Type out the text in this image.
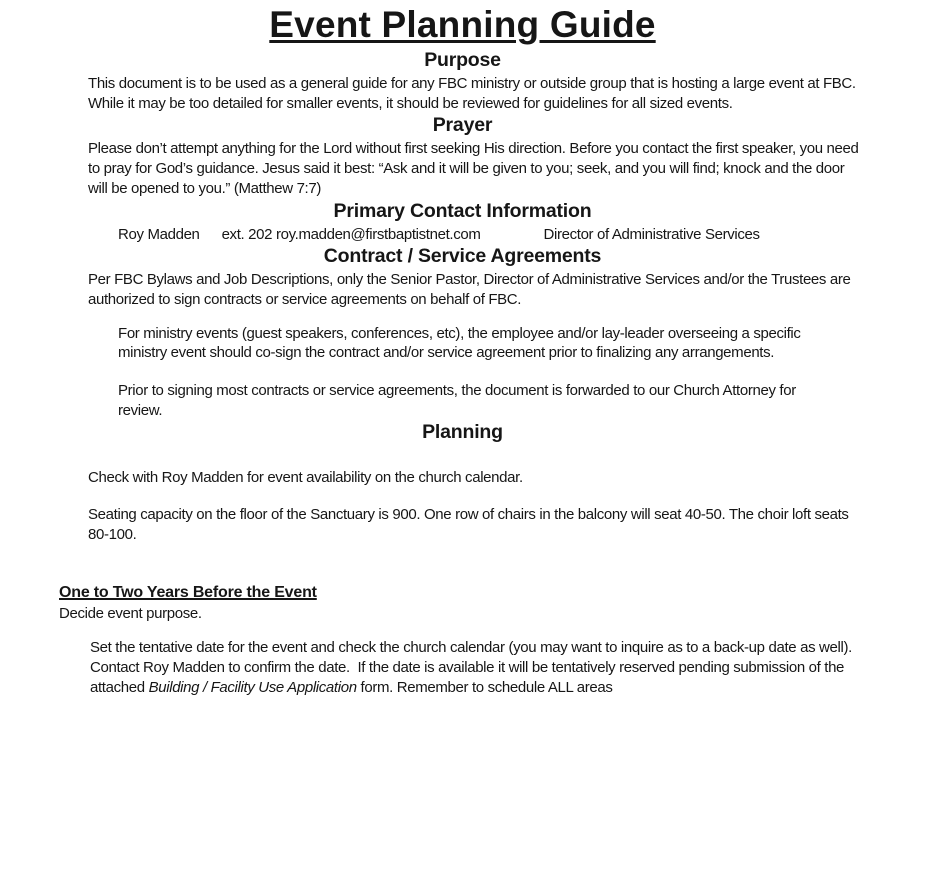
Event Planning Guide
Purpose

This document is to be used as a general guide for any FBC ministry or outside group that is hosting a large event at FBC. While it may be too detailed for smaller events, it should be reviewed for guidelines for all sized events.

Prayer

Please don’t attempt anything for the Lord without first seeking His direction. Before you contact the first speaker, you need to pray for God’s guidance. Jesus said it best: “Ask and it will be given to you; seek, and you will find; knock and the door will be opened to you.” (Matthew 7:7)

Primary Contact Information
Roy Madden ext. 202 roy.madden@firstbaptistnet.com	Director of Administrative Services
Contract / Service Agreements

Per FBC Bylaws and Job Descriptions, only the Senior Pastor, Director of Administrative Services and/or the Trustees are authorized to sign contracts or service agreements on behalf of FBC.

For ministry events (guest speakers, conferences, etc), the employee and/or lay-leader overseeing a specific ministry event should co-sign the contract and/or service agreement prior to finalizing any arrangements.

Prior to signing most contracts or service agreements, the document is forwarded to our Church Attorney for review.

Planning

Check with Roy Madden for event availability on the church calendar.

Seating capacity on the floor of the Sanctuary is 900. One row of chairs in the balcony will seat 40-50. The choir loft seats 80-100.

One to Two Years Before the Event

Decide event purpose.

Set the tentative date for the event and check the church calendar (you may want to inquire as to a back-up date as well). Contact Roy Madden to confirm the date.  If the date is available it will be tentatively reserved pending submission of the attached Building / Facility Use Application form. Remember to schedule ALL areas
